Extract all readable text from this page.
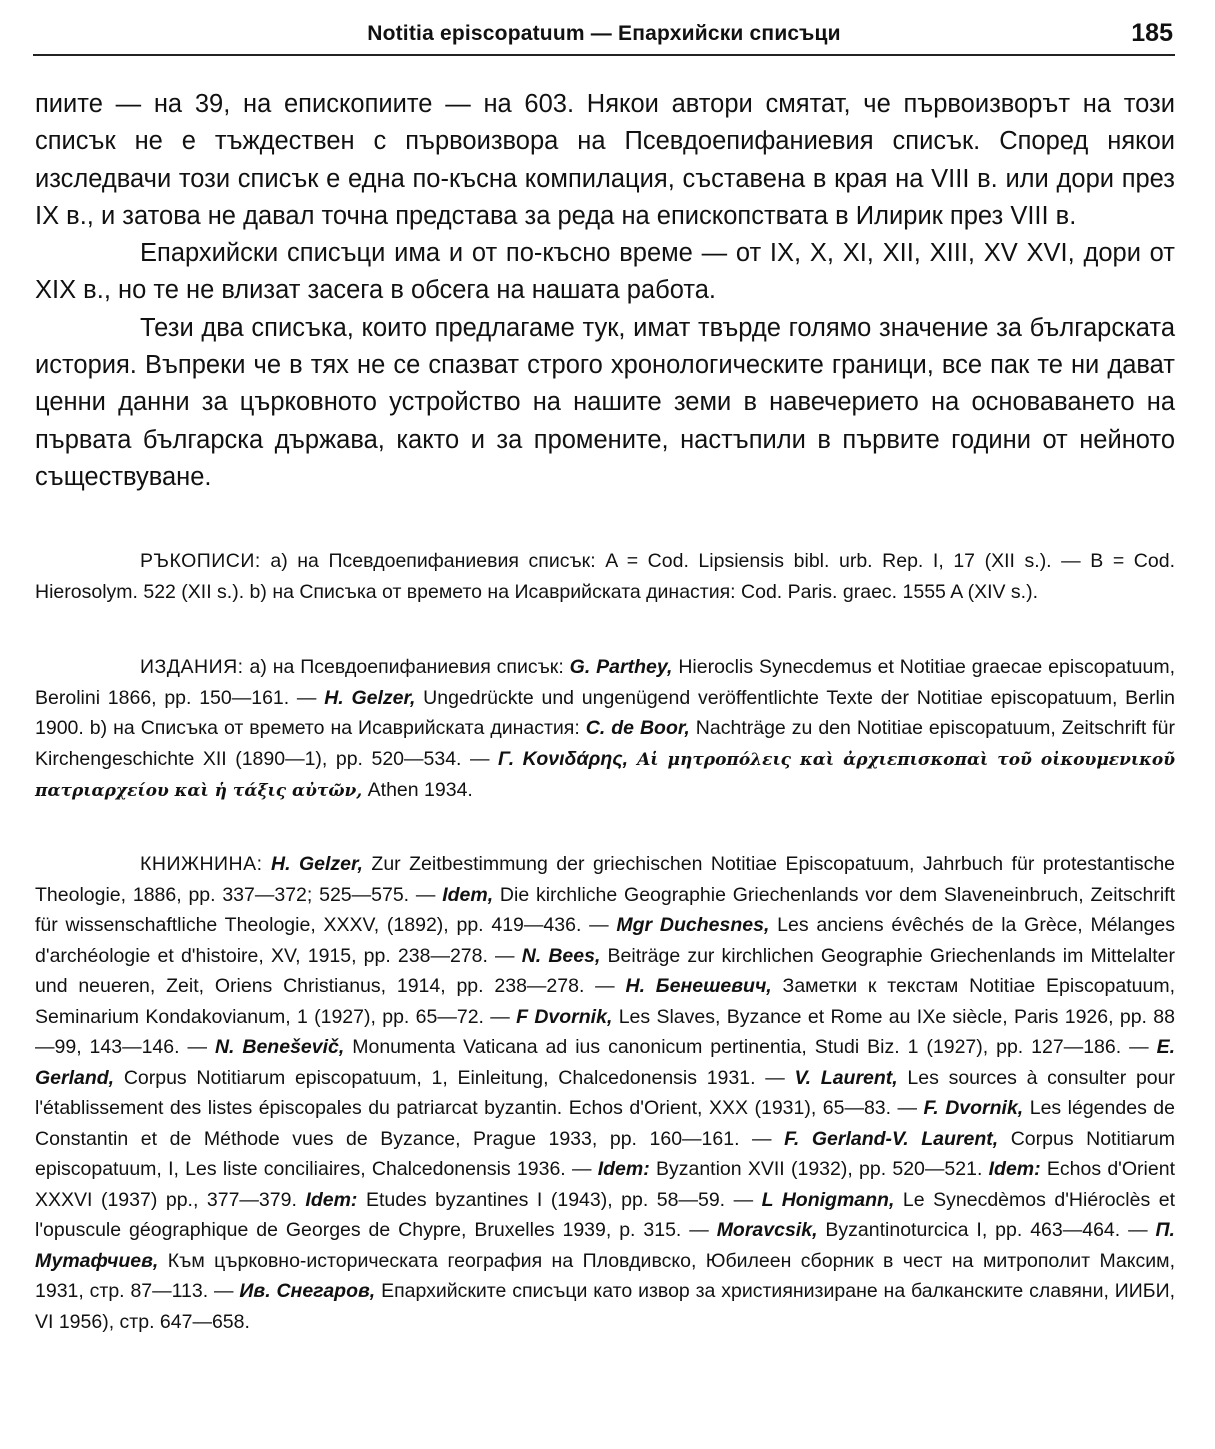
Notitia episcopatuum — Епархийски списъци	185

пиите — на 39, на епископиите — на 603. Някои автори смятат, че първоизворът на този списък не е тъждествен с първоизвора на Псевдоепифаниевия списък. Според някои изследвачи този списък е една по-късна компилация, съставена в края на VIII в. или дори през IX в., и затова не давал точна представа за реда на епископствата в Илирик през VIII в.

Епархийски списъци има и от по-късно време — от IX, X, XI, XII, XIII, XV XVI, дори от XIX в., но те не влизат засега в обсега на нашата работа.

Тези два списъка, които предлагаме тук, имат твърде голямо значение за българската история. Въпреки че в тях не се спазват строго хронологическите граници, все пак те ни дават ценни данни за църковното устройство на нашите земи в навечерието на основаването на първата българска държава, както и за промените, настъпили в първите години от нейното съществуване.

РЪКОПИСИ: a) на Псевдоепифаниевия списък: A = Cod. Lipsiensis bibl. urb. Rep. I, 17 (XII s.). — B = Cod. Hierosolym. 522 (XII s.). b) на Списъка от времето на Исаврийската династия: Cod. Paris. graec. 1555 A (XIV s.).

ИЗДАНИЯ: a) на Псевдоепифаниевия списък: G. Parthey, Hieroclis Synecdemus et Notitiae graecae episcopatuum, Berolini 1866, pp. 150—161. — H. Gelzer, Ungedrückte und ungenügend veröffentlichte Texte der Notitiae episcopatuum, Berlin 1900. b) на Списъка от времето на Исаврийската династия: C. de Boor, Nachträge zu den Notitiae episcopatuum, Zeitschrift für Kirchengeschichte XII (1890—1), pp. 520—534. — Г. Κονιδάρης, Αἱ μητροπόλεις καὶ ἀρχιεπισκοπαὶ τοῦ οἰκουμενικοῦ πατριαρχείου καὶ ἡ τάξις αὐτῶν, Athen 1934.

КНИЖНИНА: H. Gelzer, Zur Zeitbestimmung der griechischen Notitiae Episcopatuum, Jahrbuch für protestantische Theologie, 1886, pp. 337—372; 525—575. — Idem, Die kirchliche Geographie Griechenlands vor dem Slaveneinbruch, Zeitschrift für wissenschaftliche Theologie, XXXV, (1892), pp. 419—436. — Mgr Duchesnes, Les anciens évêchés de la Grèce, Mélanges d'archéologie et d'histoire, XV, 1915, pp. 238—278. — N. Bees, Beiträge zur kirchlichen Geographie Griechenlands im Mittelalter und neueren, Zeit, Oriens Christianus, 1914, pp. 238—278. — Н. Бенешевич, Заметки к текстам Notitiae Episcopatuum, Seminarium Kondakovianum, 1 (1927), pp. 65—72. — F Dvornik, Les Slaves, Byzance et Rome au IXe siècle, Paris 1926, pp. 88—99, 143—146. — N. Beneševič, Monumenta Vaticana ad ius canonicum pertinentia, Studi Biz. 1 (1927), pp. 127—186. — E. Gerland, Corpus Notitiarum episcopatuum, 1, Einleitung, Chalcedonensis 1931. — V. Laurent, Les sources à consulter pour l'établissement des listes épiscopales du patriarcat byzantin. Echos d'Orient, XXX (1931), 65—83. — F. Dvornik, Les légendes de Constantin et de Méthode vues de Byzance, Prague 1933, pp. 160—161. — F. Gerland-V. Laurent, Corpus Notitiarum episcopatuum, I, Les liste conciliaires, Chalcedonensis 1936. — Idem: Byzantion XVII (1932), pp. 520—521. Idem: Echos d'Orient XXXVI (1937) pp., 377—379. Idem: Etudes byzantines I (1943), pp. 58—59. — L Honigmann, Le Synecdèmos d'Hiéroclès et l'opuscule géographique de Georges de Chypre, Bruxelles 1939, p. 315. — Moravcsik, Byzantinoturcica I, pp. 463—464. — П. Мутафчиев, Към църковно-историческата география на Пловдивско, Юбилеен сборник в чест на митрополит Максим, 1931, стр. 87—113. — Ив. Снегаров, Епархийските списъци като извор за християнизиране на балканските славяни, ИИБИ, VI 1956), стр. 647—658.
